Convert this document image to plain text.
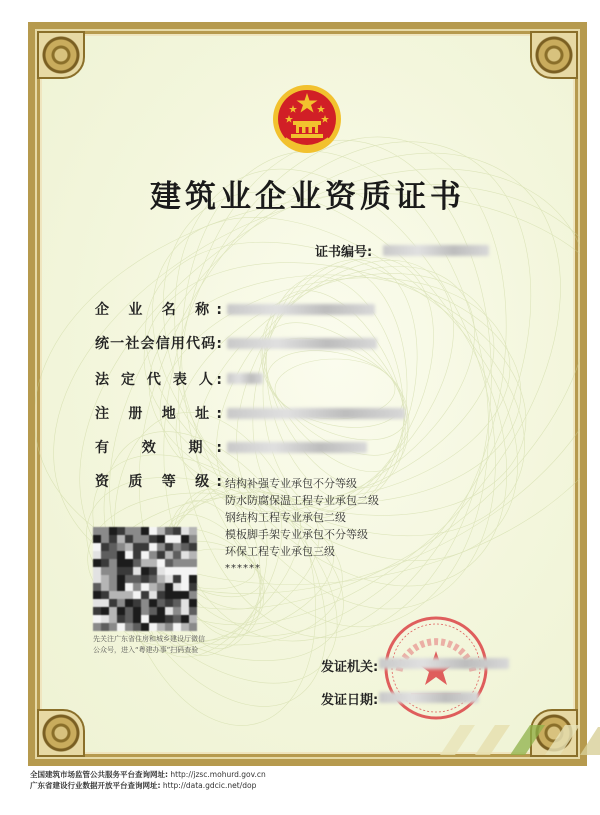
建筑业企业资质证书
证书编号:
企 业 名 称:
统一社会信用代码:
法 定 代 表 人:
注 册 地 址:
有 效 期:
资 质 等 级: 结构补强专业承包不分等级
防水防腐保温工程专业承包二级
钢结构工程专业承包二级
模板脚手架专业承包不分等级
环保工程专业承包三级
******
先关注广东省住房和城乡建设厅微信公众号，进入“粤建办事”扫码查验
发证机关:
发证日期:
全国建筑市场监管公共服务平台查询网址: http://jzsc.mohurd.gov.cn
广东省建设行业数据开放平台查询网址: http://data.gdcic.net/dop
